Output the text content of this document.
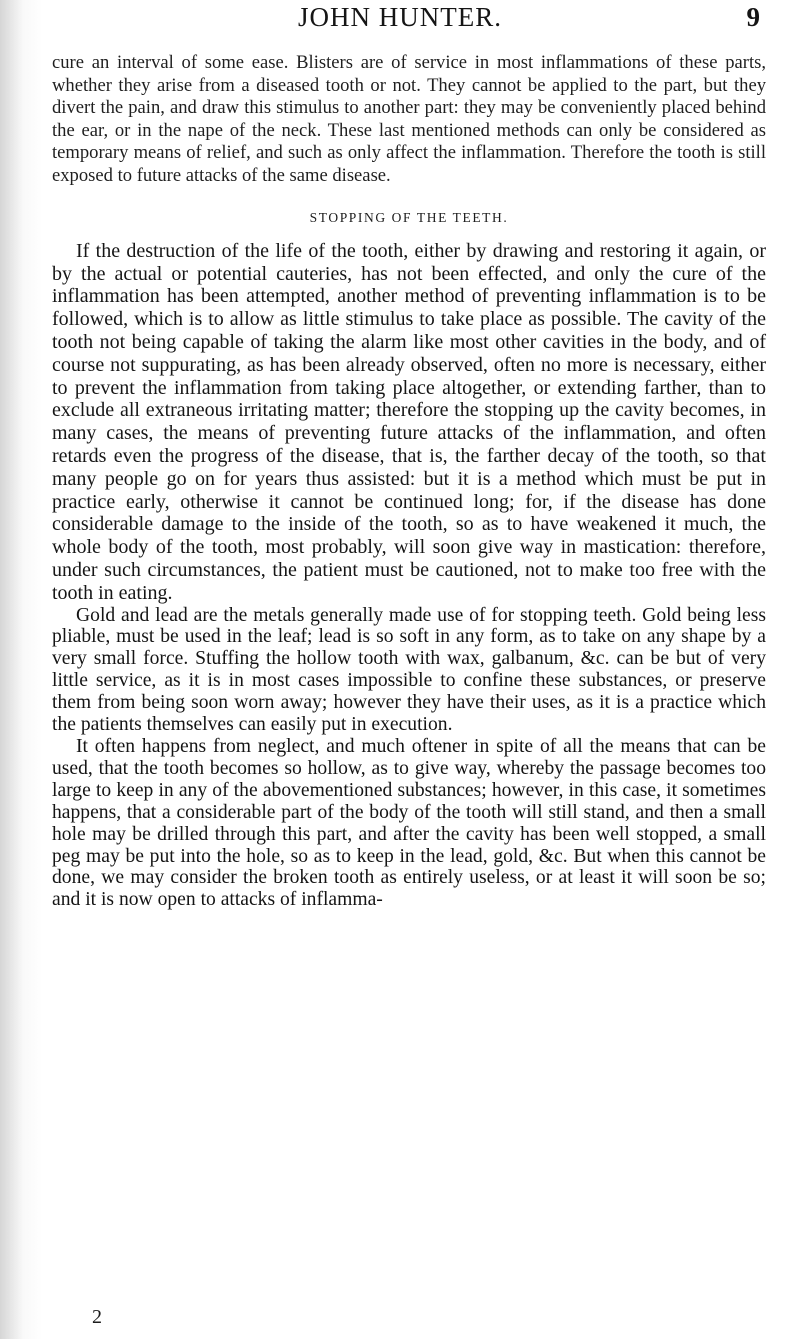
JOHN HUNTER.	9

cure an interval of some ease. Blisters are of service in most inflammations of these parts, whether they arise from a diseased tooth or not. They cannot be applied to the part, but they divert the pain, and draw this stimulus to another part: they may be conveniently placed behind the ear, or in the nape of the neck. These last mentioned methods can only be considered as temporary means of relief, and such as only affect the inflammation. Therefore the tooth is still exposed to future attacks of the same disease.

STOPPING OF THE TEETH.

If the destruction of the life of the tooth, either by drawing and restoring it again, or by the actual or potential cauteries, has not been effected, and only the cure of the inflammation has been attempted, another method of preventing inflammation is to be followed, which is to allow as little stimulus to take place as possible. The cavity of the tooth not being capable of taking the alarm like most other cavities in the body, and of course not suppurating, as has been already observed, often no more is necessary, either to prevent the inflammation from taking place altogether, or extending farther, than to exclude all extraneous irritating matter; therefore the stopping up the cavity becomes, in many cases, the means of preventing future attacks of the inflammation, and often retards even the progress of the disease, that is, the farther decay of the tooth, so that many people go on for years thus assisted: but it is a method which must be put in practice early, otherwise it cannot be continued long; for, if the disease has done considerable damage to the inside of the tooth, so as to have weakened it much, the whole body of the tooth, most probably, will soon give way in mastication: therefore, under such circumstances, the patient must be cautioned, not to make too free with the tooth in eating.

Gold and lead are the metals generally made use of for stopping teeth. Gold being less pliable, must be used in the leaf; lead is so soft in any form, as to take on any shape by a very small force. Stuffing the hollow tooth with wax, galbanum, &c. can be but of very little service, as it is in most cases impossible to confine these substances, or preserve them from being soon worn away; however they have their uses, as it is a practice which the patients themselves can easily put in execution.

It often happens from neglect, and much oftener in spite of all the means that can be used, that the tooth becomes so hollow, as to give way, whereby the passage becomes too large to keep in any of the abovementioned substances; however, in this case, it sometimes happens, that a considerable part of the body of the tooth will still stand, and then a small hole may be drilled through this part, and after the cavity has been well stopped, a small peg may be put into the hole, so as to keep in the lead, gold, &c. But when this cannot be done, we may consider the broken tooth as entirely useless, or at least it will soon be so; and it is now open to attacks of inflamma-

2
